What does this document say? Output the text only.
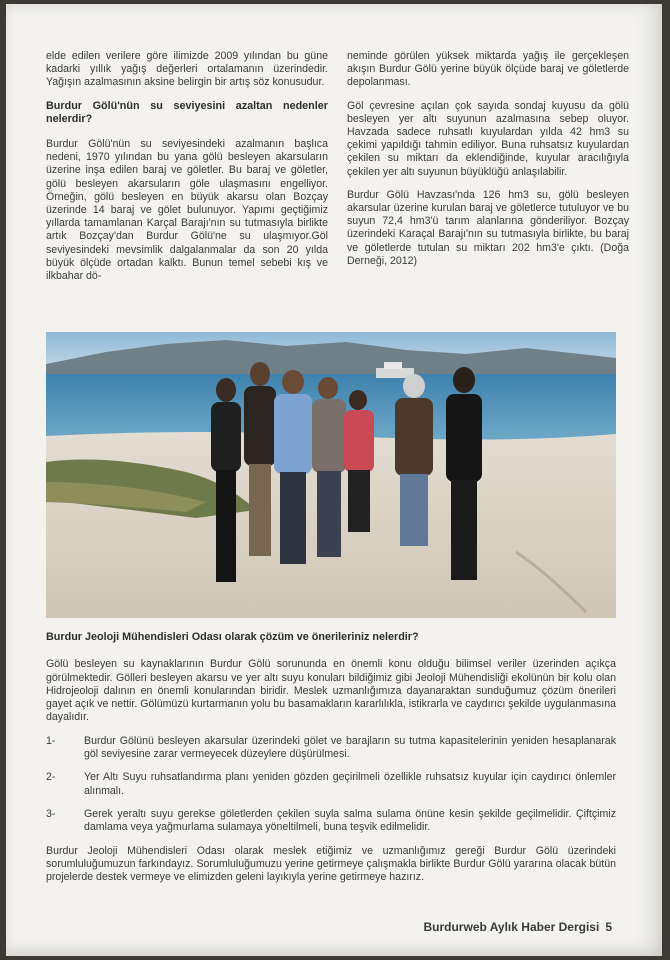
elde edilen verilere göre ilimizde 2009 yılından bu güne kadarki yıllık yağış değerleri ortalamanın üzerindedir. Yağışın azalmasının aksine belirgin bir artış söz konusudur.

Burdur Gölü'nün su seviyesini azaltan nedenler nelerdir?

Burdur Gölü'nün su seviyesindeki azalmanın başlıca nedeni, 1970 yılından bu yana gölü besleyen akarsuların üzerine inşa edilen baraj ve göletler. Bu baraj ve göletler, gölü besleyen akarsuların göle ulaşmasını engelliyor. Örneğin, gölü besleyen en büyük akarsu olan Bozçay üzerinde 14 baraj ve gölet bulunuyor. Yapımı geçtiğimiz yıllarda tamamlanan Karçal Barajı'nın su tutmasıyla birlikte artık Bozçay'dan Burdur Gölü'ne su ulaşmıyor.Göl seviyesindeki mevsimlik dalgalanmalar da son 20 yılda büyük ölçüde ortadan kalktı. Bunun temel sebebi kış ve ilkbahar dö-

neminde görülen yüksek miktarda yağış ile gerçekleşen akışın Burdur Gölü yerine büyük ölçüde baraj ve göletlerde depolanması.

Göl çevresine açılan çok sayıda sondaj kuyusu da gölü besleyen yer altı suyunun azalmasına sebep oluyor. Havzada sadece ruhsatlı kuyulardan yılda 42 hm3 su çekimi yapıldığı tahmin ediliyor. Buna ruhsatsız kuyulardan çekilen su miktarı da eklendiğinde, kuyular aracılığıyla çekilen yer altı suyunun büyüklüğü anlaşılabilir.

Burdur Gölü Havzası'nda 126 hm3 su, gölü besleyen akarsular üzerine kurulan baraj ve göletlerce tutuluyor ve bu suyun 72,4 hm3'ü tarım alanlarına gönderiliyor. Bozçay üzerindeki Karaçal Barajı'nın su tutmasıyla birlikte, bu baraj ve göletlerde tutulan su miktarı 202 hm3'e çıktı. (Doğa Derneği, 2012)

Burdur Jeoloji Mühendisleri Odası olarak çözüm ve önerileriniz nelerdir?

Gölü besleyen su kaynaklarının Burdur Gölü sorununda en önemli konu olduğu bilimsel veriler üzerinden açıkça görülmektedir. Gölleri besleyen akarsu ve yer altı suyu konuları bildiğimiz gibi Jeoloji Mühendisliği ekolünün bir kolu olan Hidrojeoloji dalının en önemli konularından biridir. Meslek uzmanlığımıza dayanaraktan sunduğumuz çözüm önerileri gayet açık ve nettir. Gölümüzü kurtarmanın yolu bu basamakların kararlılıkla, istikrarla ve caydırıcı şekilde uygulanmasına dayalıdır.

1-	Burdur Gölünü besleyen akarsular üzerindeki gölet ve barajların su tutma kapasitelerinin yeniden hesaplanarak göl seviyesine zarar vermeyecek düzeylere düşürülmesi.
2-	Yer Altı Suyu ruhsatlandırma planı yeniden gözden geçirilmeli özellikle ruhsatsız kuyular için caydırıcı önlemler alınmalı.
3-	Gerek yeraltı suyu gerekse göletlerden çekilen suyla salma sulama önüne kesin şekilde geçilmelidir. Çiftçimiz damlama veya yağmurlama sulamaya yöneltilmeli, buna teşvik edilmelidir.

Burdur Jeoloji Mühendisleri Odası olarak meslek etiğimiz ve uzmanlığımız gereği Burdur Gölü üzerindeki sorumluluğumuzun farkındayız. Sorumluluğumuzu yerine getirmeye çalışmakla birlikte Burdur Gölü yararına olacak bütün projelerde destek vermeye ve elimizden geleni layıkıyla yerine getirmeye hazırız.

Burdurweb Aylık Haber Dergisi 5
